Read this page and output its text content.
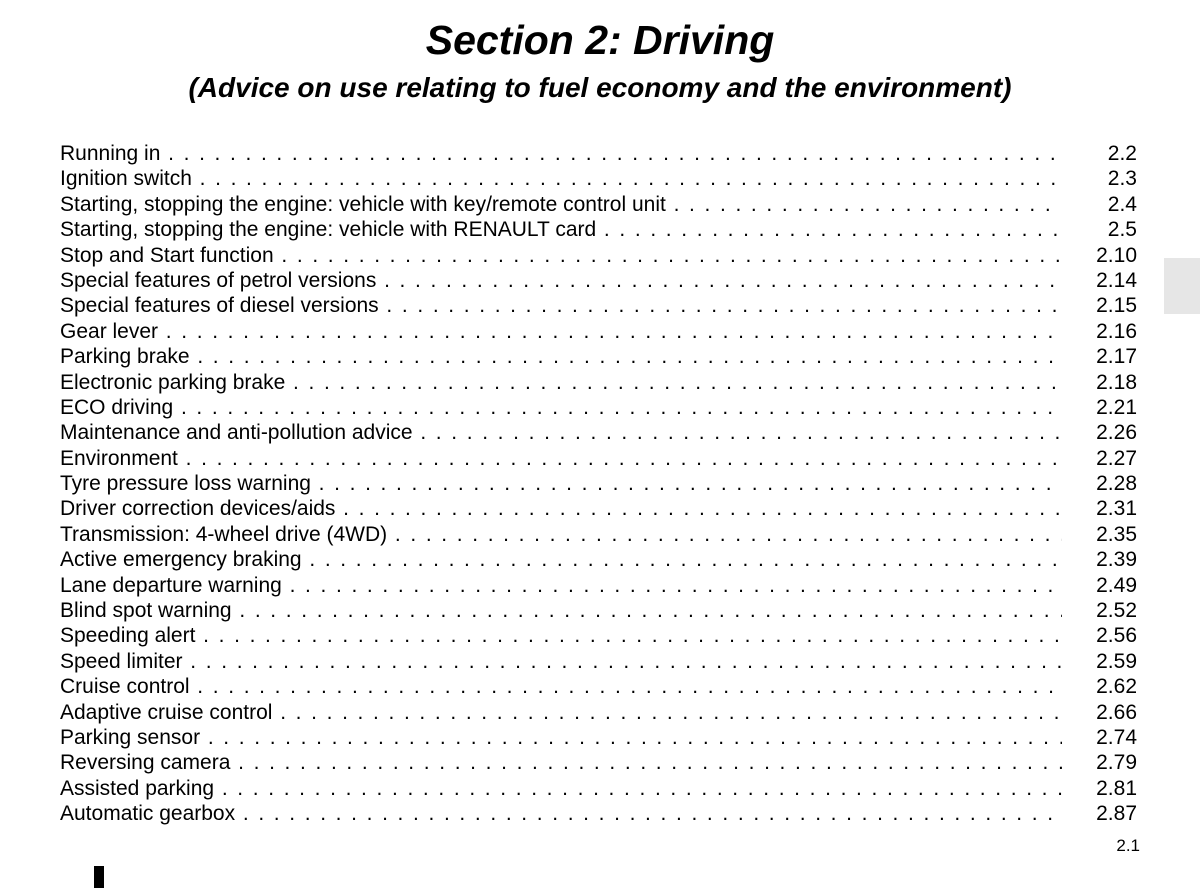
Section 2: Driving
(Advice on use relating to fuel economy and the environment)
Running in . . .	2.2
Ignition switch . . .	2.3
Starting, stopping the engine: vehicle with key/remote control unit . . .	2.4
Starting, stopping the engine: vehicle with RENAULT card . . .	2.5
Stop and Start function . . .	2.10
Special features of petrol versions . . .	2.14
Special features of diesel versions . . .	2.15
Gear lever . . .	2.16
Parking brake . . .	2.17
Electronic parking brake . . .	2.18
ECO driving . . .	2.21
Maintenance and anti-pollution advice . . .	2.26
Environment . . .	2.27
Tyre pressure loss warning . . .	2.28
Driver correction devices/aids . . .	2.31
Transmission: 4-wheel drive (4WD) . . .	2.35
Active emergency braking . . .	2.39
Lane departure warning . . .	2.49
Blind spot warning . . .	2.52
Speeding alert . . .	2.56
Speed limiter . . .	2.59
Cruise control . . .	2.62
Adaptive cruise control . . .	2.66
Parking sensor . . .	2.74
Reversing camera . . .	2.79
Assisted parking . . .	2.81
Automatic gearbox . . .	2.87
2.1
